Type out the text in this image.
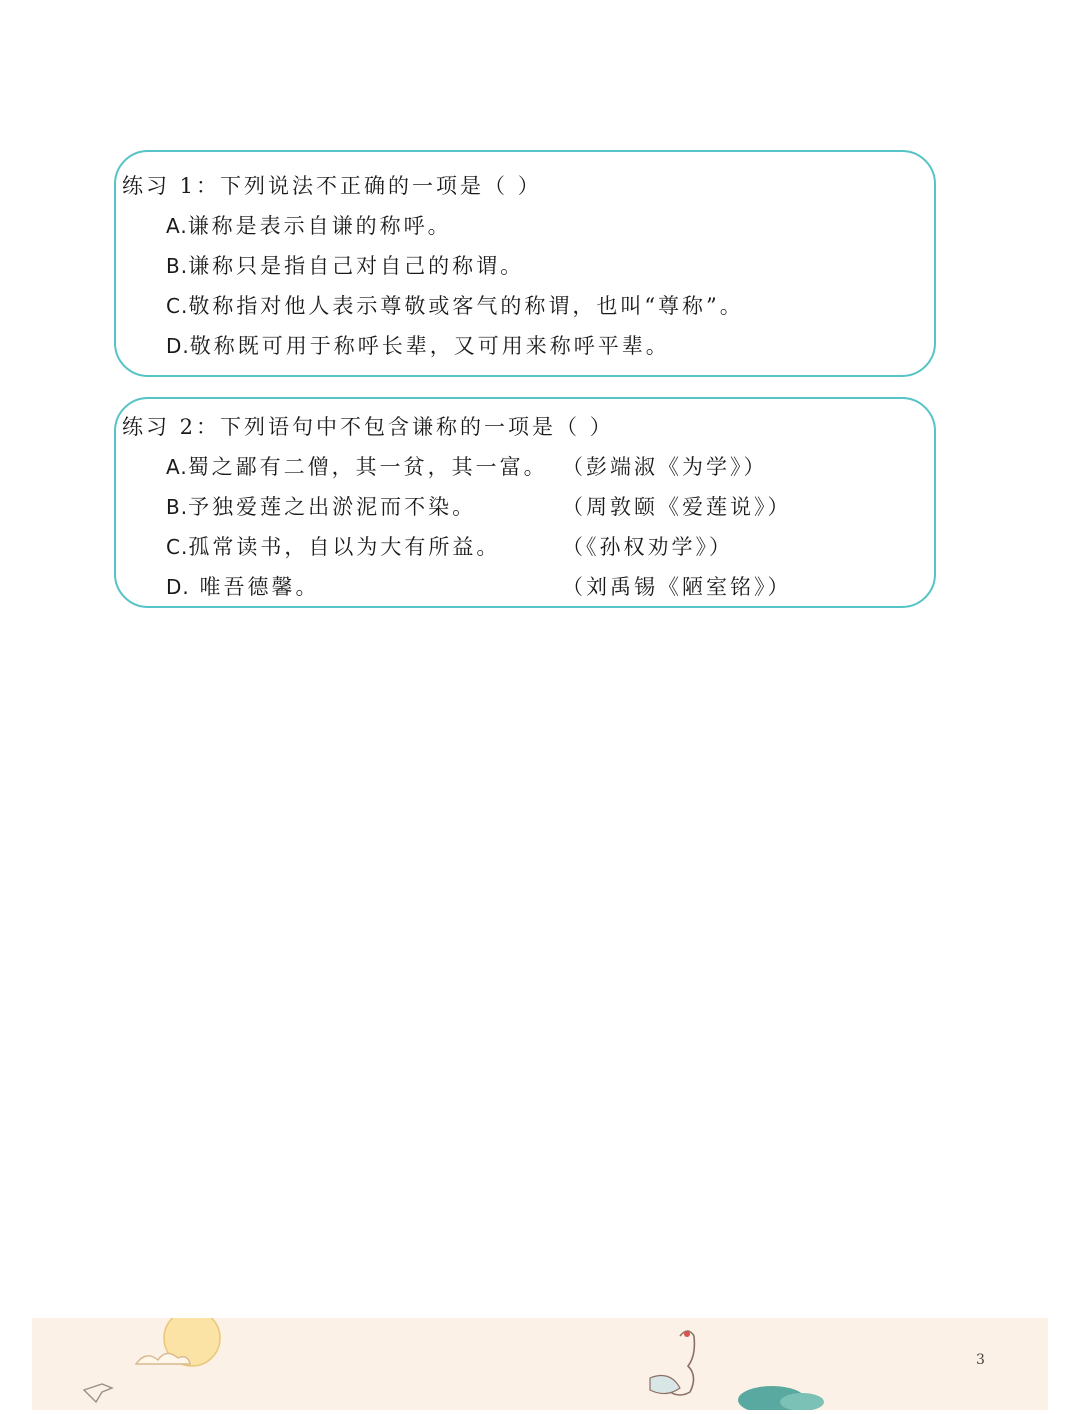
练习 1：下列说法不正确的一项是（ ）
A.谦称是表示自谦的称呼。
B.谦称只是指自己对自己的称谓。
C.敬称指对他人表示尊敬或客气的称谓，也叫“尊称”。
D.敬称既可用于称呼长辈，又可用来称呼平辈。
练习 2：下列语句中不包含谦称的一项是（ ）
A.蜀之鄙有二僧，其一贫，其一富。 （彭端淑《为学》）
B.予独爱莲之出淤泥而不染。	（周敦颐《爱莲说》）
C.孤常读书，自以为大有所益。	（《孙权劝学》）
D. 唯吾德馨。	（刘禹锡《陋室铭》）
3
